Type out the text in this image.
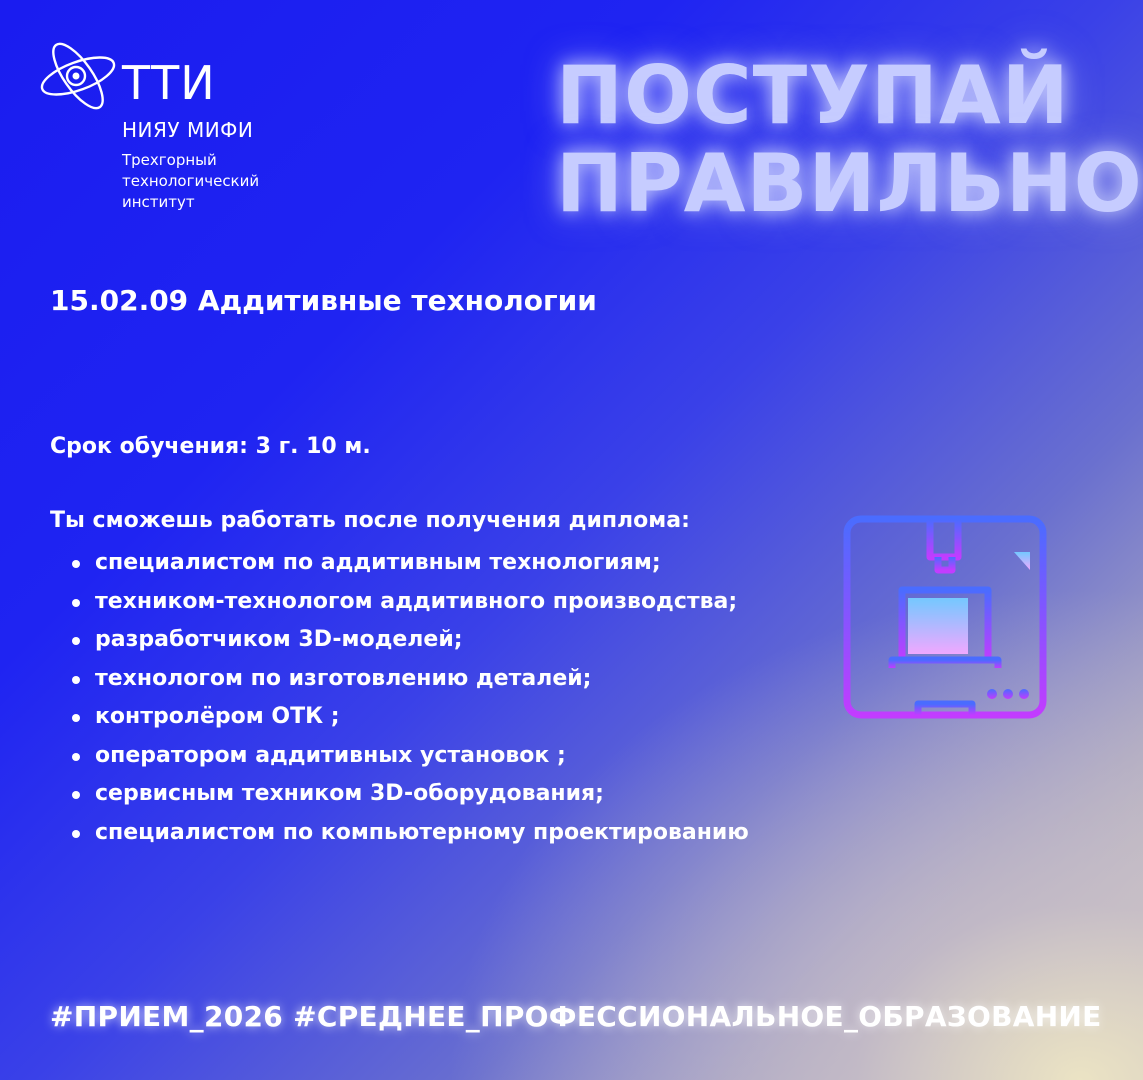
ТТИ
НИЯУ МИФИ
Трехгорный
технологический
институт
ПОСТУПАЙ
ПРАВИЛЬНО
15.02.09 Аддитивные технологии
Срок обучения: 3 г. 10 м.
Ты сможешь работать после получения диплома:
специалистом по аддитивным технологиям;
техником-технологом аддитивного производства;
разработчиком 3D-моделей;
технологом по изготовлению деталей;
контролёром ОТК ;
оператором аддитивных установок ;
сервисным техником 3D-оборудования;
специалистом по компьютерному проектированию
#ПРИЕМ_2026 #СРЕДНЕЕ_ПРОФЕССИОНАЛЬНОЕ_ОБРАЗОВАНИЕ
